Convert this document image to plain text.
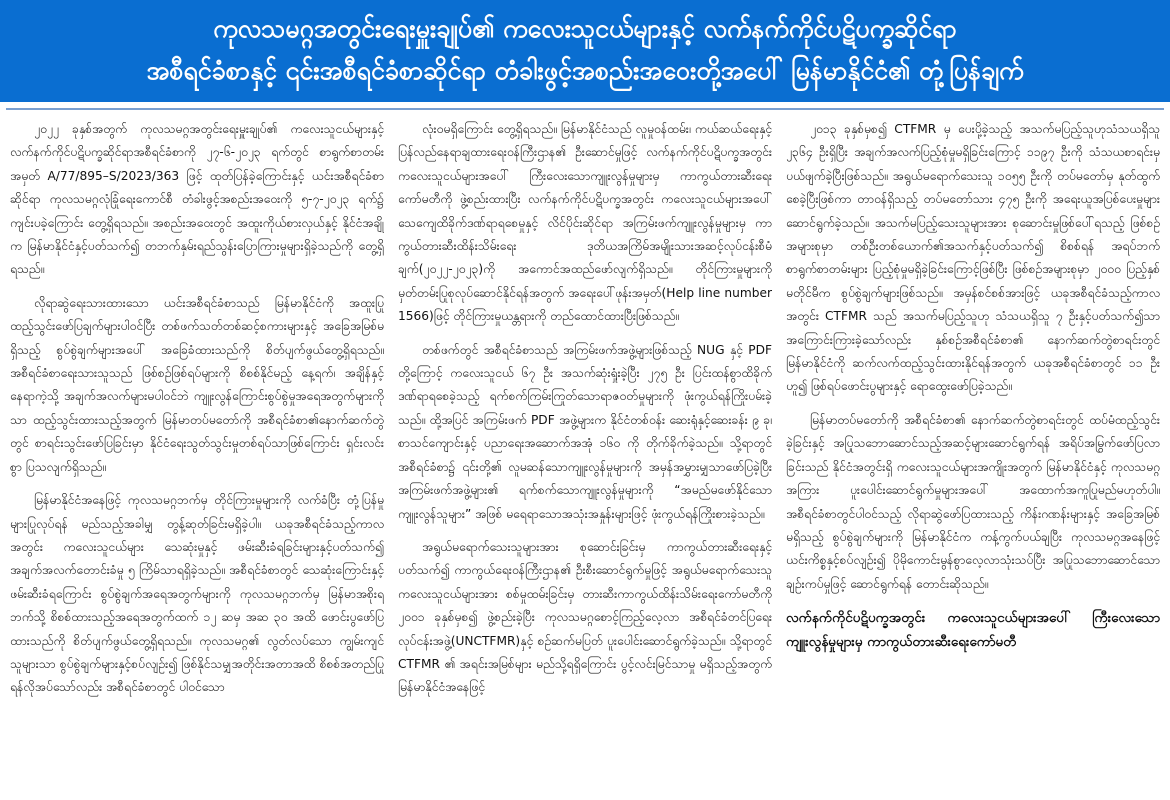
ကုလသမဂ္ဂအတွင်းရေးမှူးချုပ်၏ ကလေးသူငယ်များနှင့် လက်နက်ကိုင်ပဋိပက္ခဆိုင်ရာ
အစီရင်ခံစာနှင့် ၎င်းအစီရင်ခံစာဆိုင်ရာ တံခါးဖွင့်အစည်းအဝေးတို့အပေါ် မြန်မာနိုင်ငံ၏ တုံ့ပြန်ချက်

၂၀၂၂ ခုနှစ်အတွက် ကုလသမဂ္ဂအတွင်းရေးမှူးချုပ်၏ ကလေးသူငယ်များနှင့် လက်နက်ကိုင်ပဋိပက္ခဆိုင်ရာအစီရင်ခံစာကို ၂၇-၆-၂၀၂၃ ရက်တွင် စာရွက်စာတမ်းအမှတ် A/77/895–S/2023/363 ဖြင့် ထုတ်ပြန်ခဲ့ကြောင်းနှင့် ယင်းအစီရင်ခံစာဆိုင်ရာ ကုလသမဂ္ဂလုံခြုံရေးကောင်စီ တံခါးဖွင့်အစည်းအဝေးကို ၅-၇-၂၀၂၃ ရက်၌ ကျင်းပခဲ့ကြောင်း တွေ့ရှိရသည်။ အစည်းအဝေးတွင် အထူးကိုယ်စားလှယ်နှင့် နိုင်ငံအချို့က မြန်မာနိုင်ငံနှင့်ပတ်သက်၍ တဘက်နှမ်းရည်သွန်းပြောကြားမှုများရှိခဲ့သည်ကို တွေ့ရှိရသည်။

လိုရာဆွဲရေးသားထားသော ယင်းအစီရင်ခံစာသည် မြန်မာနိုင်ငံကို အထူးပြုထည့်သွင်းဖော်ပြချက်များပါဝင်ပြီး တစ်ဖက်သတ်တစ်ဆင့်စကားများနှင့် အခြေအမြစ်မရှိသည့် စွပ်စွဲချက်များအပေါ် အခြေခံထားသည်ကို စိတ်ပျက်ဖွယ်တွေ့ရှိရသည်။ အစီရင်ခံစာရေးသားသူသည် ဖြစ်စဉ်ဖြစ်ရပ်များကို စိစစ်နိုင်မည့် နေ့ရက်၊ အချိန်နှင့် နေရာကဲ့သို့ အချက်အလက်များမပါဝင်ဘဲ ကျူးလွန်ကြောင်းစွပ်စွဲမှုအရေအတွက်များကိုသာ ထည့်သွင်းထားသည့်အတွက် မြန်မာတပ်မတော်ကို အစီရင်ခံစာ၏နောက်ဆက်တွဲတွင် စာရင်းသွင်းဖော်ပြခြင်းမှာ နိုင်ငံရေးသွတ်သွင်းမှုတစ်ရပ်သာဖြစ်ကြောင်း ရှင်းလင်းစွာ ပြသလျက်ရှိသည်။

မြန်မာနိုင်ငံအနေဖြင့် ကုလသမဂ္ဂဘက်မှ တိုင်ကြားမှုများကို လက်ခံပြီး တုံ့ပြန်မှုများပြုလုပ်ရန် မည်သည့်အခါမျှ တွန့်ဆုတ်ခြင်းမရှိခဲ့ပါ။ ယခုအစီရင်ခံသည့်ကာလအတွင်း ကလေးသူငယ်များ သေဆုံးမှုနှင့် ဖမ်းဆီးခံရခြင်းများနှင့်ပတ်သက်၍ အချက်အလက်တောင်းခံမှု ၅ ကြိမ်သာရရှိခဲ့သည်။ အစီရင်ခံစာတွင် သေဆုံးကြောင်းနှင့် ဖမ်းဆီးခံရကြောင်း စွပ်စွဲချက်အရေအတွက်များကို ကုလသမဂ္ဂဘက်မှ မြန်မာအစိုးရဘက်သို့ စိစစ်ထားသည့်အရေအတွက်ထက် ၁၂ ဆမှ အဆ ၃၀ အထိ ဖောင်းပွဖော်ပြထားသည်ကို စိတ်ပျက်ဖွယ်တွေ့ရှိရသည်။ ကုလသမဂ္ဂ၏ လွတ်လပ်သော ကျွမ်းကျင်သူများသာ စွပ်စွဲချက်များနှင့်စပ်လျဉ်း၍ ဖြစ်နိုင်သမျှအတိုင်းအတာအထိ စိစစ်အတည်ပြုရန်လိုအပ်သော်လည်း အစီရင်ခံစာတွင် ပါဝင်သော

လုံးဝမရှိကြောင်း တွေ့ရှိရသည်။ မြန်မာနိုင်ငံသည် လူမှုဝန်ထမ်း၊ ကယ်ဆယ်ရေးနှင့် ပြန်လည်နေရာချထားရေးဝန်ကြီးဌာန၏ ဦးဆောင်မှုဖြင့် လက်နက်ကိုင်ပဋိပက္ခအတွင်း ကလေးသူငယ်များအပေါ် ကြီးလေးသောကျူးလွန်မှုများမှ ကာကွယ်တားဆီးရေးကော်မတီကို ဖွဲ့စည်းထားပြီး လက်နက်ကိုင်ပဋိပက္ခအတွင်း ကလေးသူငယ်များအပေါ် သေကျေထိခိုက်ဒဏ်ရာရစေမှုနှင့် လိင်ပိုင်းဆိုင်ရာ အကြမ်းဖက်ကျူးလွန်မှုများမှ ကာကွယ်တားဆီးထိန်းသိမ်းရေး ဒုတိယအကြိမ်အမျိုးသားအဆင့်လုပ်ငန်းစီမံချက်(၂၀၂၂-၂၀၂၃)ကို အကောင်အထည်ဖော်လျက်ရှိသည်။ တိုင်ကြားမှုများကို မှတ်တမ်းပြုစုလုပ်ဆောင်နိုင်ရန်အတွက် အရေးပေါ်ဖုန်းအမှတ်(Help line number 1566)ဖြင့် တိုင်ကြားမှုယန္တရားကို တည်ထောင်ထားပြီးဖြစ်သည်။

တစ်ဖက်တွင် အစီရင်ခံစာသည် အကြမ်းဖက်အဖွဲ့များဖြစ်သည့် NUG နှင့် PDF တို့ကြောင့် ကလေးသူငယ် ၆၇ ဦး အသက်ဆုံးရှုံးခဲ့ပြီး ၂၇၅ ဦး ပြင်းထန်စွာထိခိုက်ဒဏ်ရာရစေခဲ့သည့် ရက်စက်ကြမ်းကြုတ်သောရာဇဝတ်မှုများကို ဖုံးကွယ်ရန်ကြိုးပမ်းခဲ့သည်။ ထို့အပြင် အကြမ်းဖက် PDF အဖွဲ့များက နိုင်ငံတစ်ဝန်း ဆေးရုံနှင့်ဆေးခန်း ၉ ခု၊ စာသင်ကျောင်းနှင့် ပညာရေးအဆောက်အအုံ ၁၆၀ ကို တိုက်ခိုက်ခဲ့သည်။ သို့ရာတွင် အစီရင်ခံစာ၌ ၎င်းတို့၏ လူမဆန်သောကျူးလွန်မှုများကို အမှန်အမွှားမျှသာဖော်ပြခဲ့ပြီး အကြမ်းဖက်အဖွဲ့များ၏ ရက်စက်သောကျူးလွန်မှုများကို “အမည်မဖော်နိုင်သော ကျူးလွန်သူများ” အဖြစ် မရေရာသောအသုံးအနှုန်းများဖြင့် ဖုံးကွယ်ရန်ကြိုးစားခဲ့သည်။

အရွယ်မရောက်သေးသူများအား စုဆောင်းခြင်းမှ ကာကွယ်တားဆီးရေးနှင့်ပတ်သက်၍ ကာကွယ်ရေးဝန်ကြီးဌာန၏ ဦးစီးဆောင်ရွက်မှုဖြင့် အရွယ်မရောက်သေးသူ ကလေးသူငယ်များအား စစ်မှုထမ်းခြင်းမှ တားဆီးကာကွယ်ထိန်းသိမ်းရေးကော်မတီကို ၂၀၀၁ ခုနှစ်မှစ၍ ဖွဲ့စည်းခဲ့ပြီး ကုလသမဂ္ဂစောင့်ကြည့်လေ့လာ အစီရင်ခံတင်ပြရေးလုပ်ငန်းအဖွဲ့(UNCTFMR)နှင့် စဉ်ဆက်မပြတ် ပူးပေါင်းဆောင်ရွက်ခဲ့သည်။ သို့ရာတွင် CTFMR ၏ အရင်းအမြစ်များ မည်သို့ရရှိကြောင်း ပွင့်လင်းမြင်သာမှု မရှိသည့်အတွက် မြန်မာနိုင်ငံအနေဖြင့်

၂၀၁၃ ခုနှစ်မှစ၍ CTFMR မှ ပေးပို့ခဲ့သည့် အသက်မပြည့်သူဟုသံသယရှိသူ ၂၃၆၄ ဦးရှိပြီး အချက်အလက်ပြည့်စုံမှုမရှိခြင်းကြောင့် ၁၁၉၇ ဦးကို သံသယစာရင်းမှပယ်ဖျက်ခဲ့ပြီးဖြစ်သည်။ အရွယ်မရောက်သေးသူ ၁၀၅၅ ဦးကို တပ်မတော်မှ နုတ်ထွက်စေခဲ့ပြီးဖြစ်ကာ တာဝန်ရှိသည့် တပ်မတော်သား ၄၇၅ ဦးကို အရေးယူအပြစ်ပေးမှုများဆောင်ရွက်ခဲ့သည်။ အသက်မပြည့်သေးသူများအား စုဆောင်းမှုဖြစ်ပေါ်ရသည့် ဖြစ်စဉ်အများစုမှာ တစ်ဦးတစ်ယောက်၏အသက်နှင့်ပတ်သက်၍ စိစစ်ရန် အရပ်ဘက်စာရွက်စာတမ်းများ ပြည့်စုံမှုမရှိခဲ့ခြင်းကြောင့်ဖြစ်ပြီး ဖြစ်စဉ်အများစုမှာ ၂၀၀၀ ပြည့်နှစ်မတိုင်မီက စွပ်စွဲချက်များဖြစ်သည်။ အမှန်စင်စစ်အားဖြင့် ယခုအစီရင်ခံသည့်ကာလအတွင်း CTFMR သည် အသက်မပြည့်သူဟု သံသယရှိသူ ၇ ဦးနှင့်ပတ်သက်၍သာ အကြောင်းကြားခဲ့သော်လည်း နှစ်စဉ်အစီရင်ခံစာ၏ နောက်ဆက်တွဲစာရင်းတွင် မြန်မာနိုင်ငံကို ဆက်လက်ထည့်သွင်းထားနိုင်ရန်အတွက် ယခုအစီရင်ခံစာတွင် ၁၁ ဦးဟူ၍ ဖြစ်ရပ်ဖောင်းပွများနှင့် ရောထွေးဖော်ပြခဲ့သည်။

မြန်မာတပ်မတော်ကို အစီရင်ခံစာ၏ နောက်ဆက်တွဲစာရင်းတွင် ထပ်မံထည့်သွင်းခဲ့ခြင်းနှင့် အပြုသဘောဆောင်သည့်အဆင့်များဆောင်ရွက်ရန် အရိပ်အမြွက်ဖော်ပြလာခြင်းသည် နိုင်ငံအတွင်းရှိ ကလေးသူငယ်များအကျိုးအတွက် မြန်မာနိုင်ငံနှင့် ကုလသမဂ္ဂအကြား ပူးပေါင်းဆောင်ရွက်မှုများအပေါ် အထောက်အကူပြုမည်မဟုတ်ပါ။ အစီရင်ခံစာတွင်ပါဝင်သည့် လိုရာဆွဲဖော်ပြထားသည့် ကိန်းဂဏန်းများနှင့် အခြေအမြစ်မရှိသည့် စွပ်စွဲချက်များကို မြန်မာနိုင်ငံက ကန့်ကွက်ပယ်ချပြီး ကုလသမဂ္ဂအနေဖြင့် ယင်းကိစ္စနှင့်စပ်လျဉ်း၍ ပိုမိုကောင်းမွန်စွာလေ့လာသုံးသပ်ပြီး အပြုသဘောဆောင်သောချဉ်းကပ်မှုဖြင့် ဆောင်ရွက်ရန် တောင်းဆိုသည်။

လက်နက်ကိုင်ပဋိပက္ခအတွင်း ကလေးသူငယ်များအပေါ် ကြီးလေးသော ကျူးလွန်မှုများမှ ကာကွယ်တားဆီးရေးကော်မတီ
